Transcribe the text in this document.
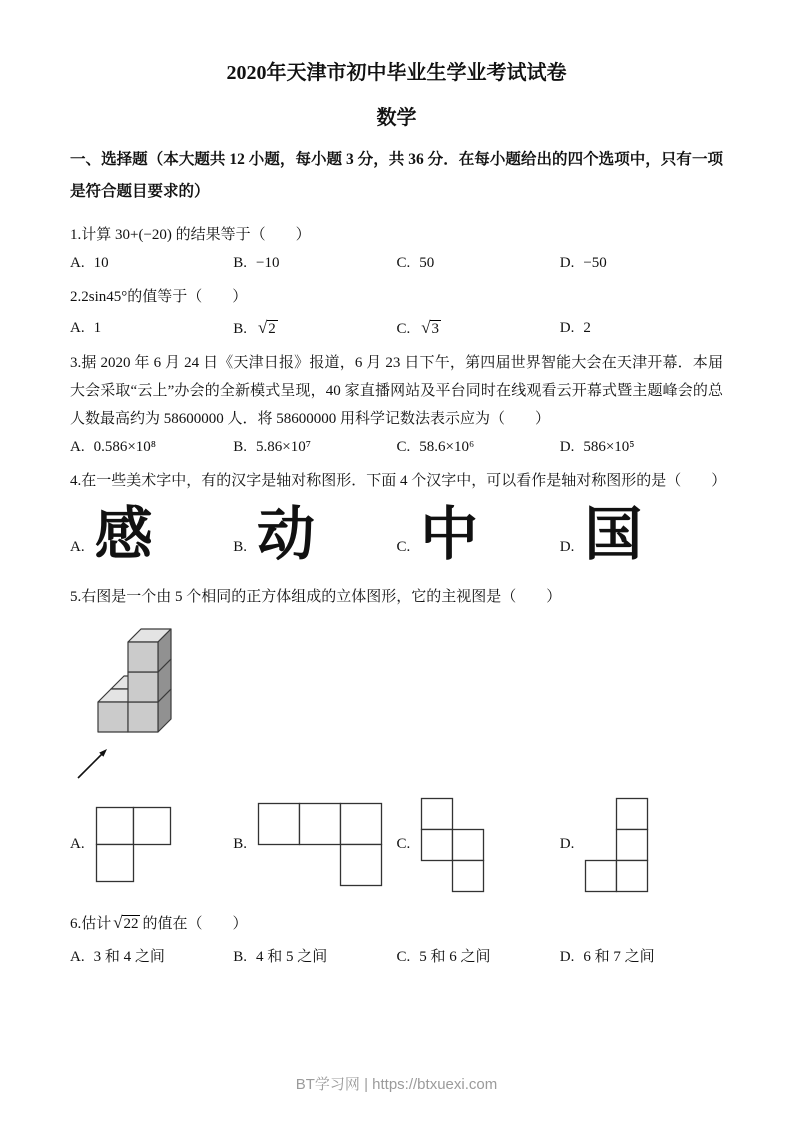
2020年天津市初中毕业生学业考试试卷
数学
一、选择题（本大题共 12 小题，每小题 3 分，共 36 分．在每小题给出的四个选项中，只有一项是符合题目要求的）
1.计算 30+(−20) 的结果等于（　　）
A. 10	B. −10	C. 50	D. −50
2.2sin45°的值等于（　　）
A. 1	B. √2	C. √3	D. 2
3.据 2020 年 6 月 24 日《天津日报》报道，6 月 23 日下午，第四届世界智能大会在天津开幕．本届大会采取“云上”办会的全新模式呈现，40 家直播网站及平台同时在线观看云开幕式暨主题峰会的总人数最高约为 58600000 人．将 58600000 用科学记数法表示应为（　　）
A. 0.586×10⁸	B. 5.86×10⁷	C. 58.6×10⁶	D. 586×10⁵
4.在一些美术字中，有的汉字是轴对称图形．下面 4 个汉字中，可以看作是轴对称图形的是（　　）
A. 感	B. 动	C. 中	D. 国
5.右图是一个由 5 个相同的正方体组成的立体图形，它的主视图是（　　）
A.	B.	C.	D.
6.估计 √22 的值在（　　）
A. 3 和 4 之间	B. 4 和 5 之间	C. 5 和 6 之间	D. 6 和 7 之间
BT学习网 | https://btxuexi.com
